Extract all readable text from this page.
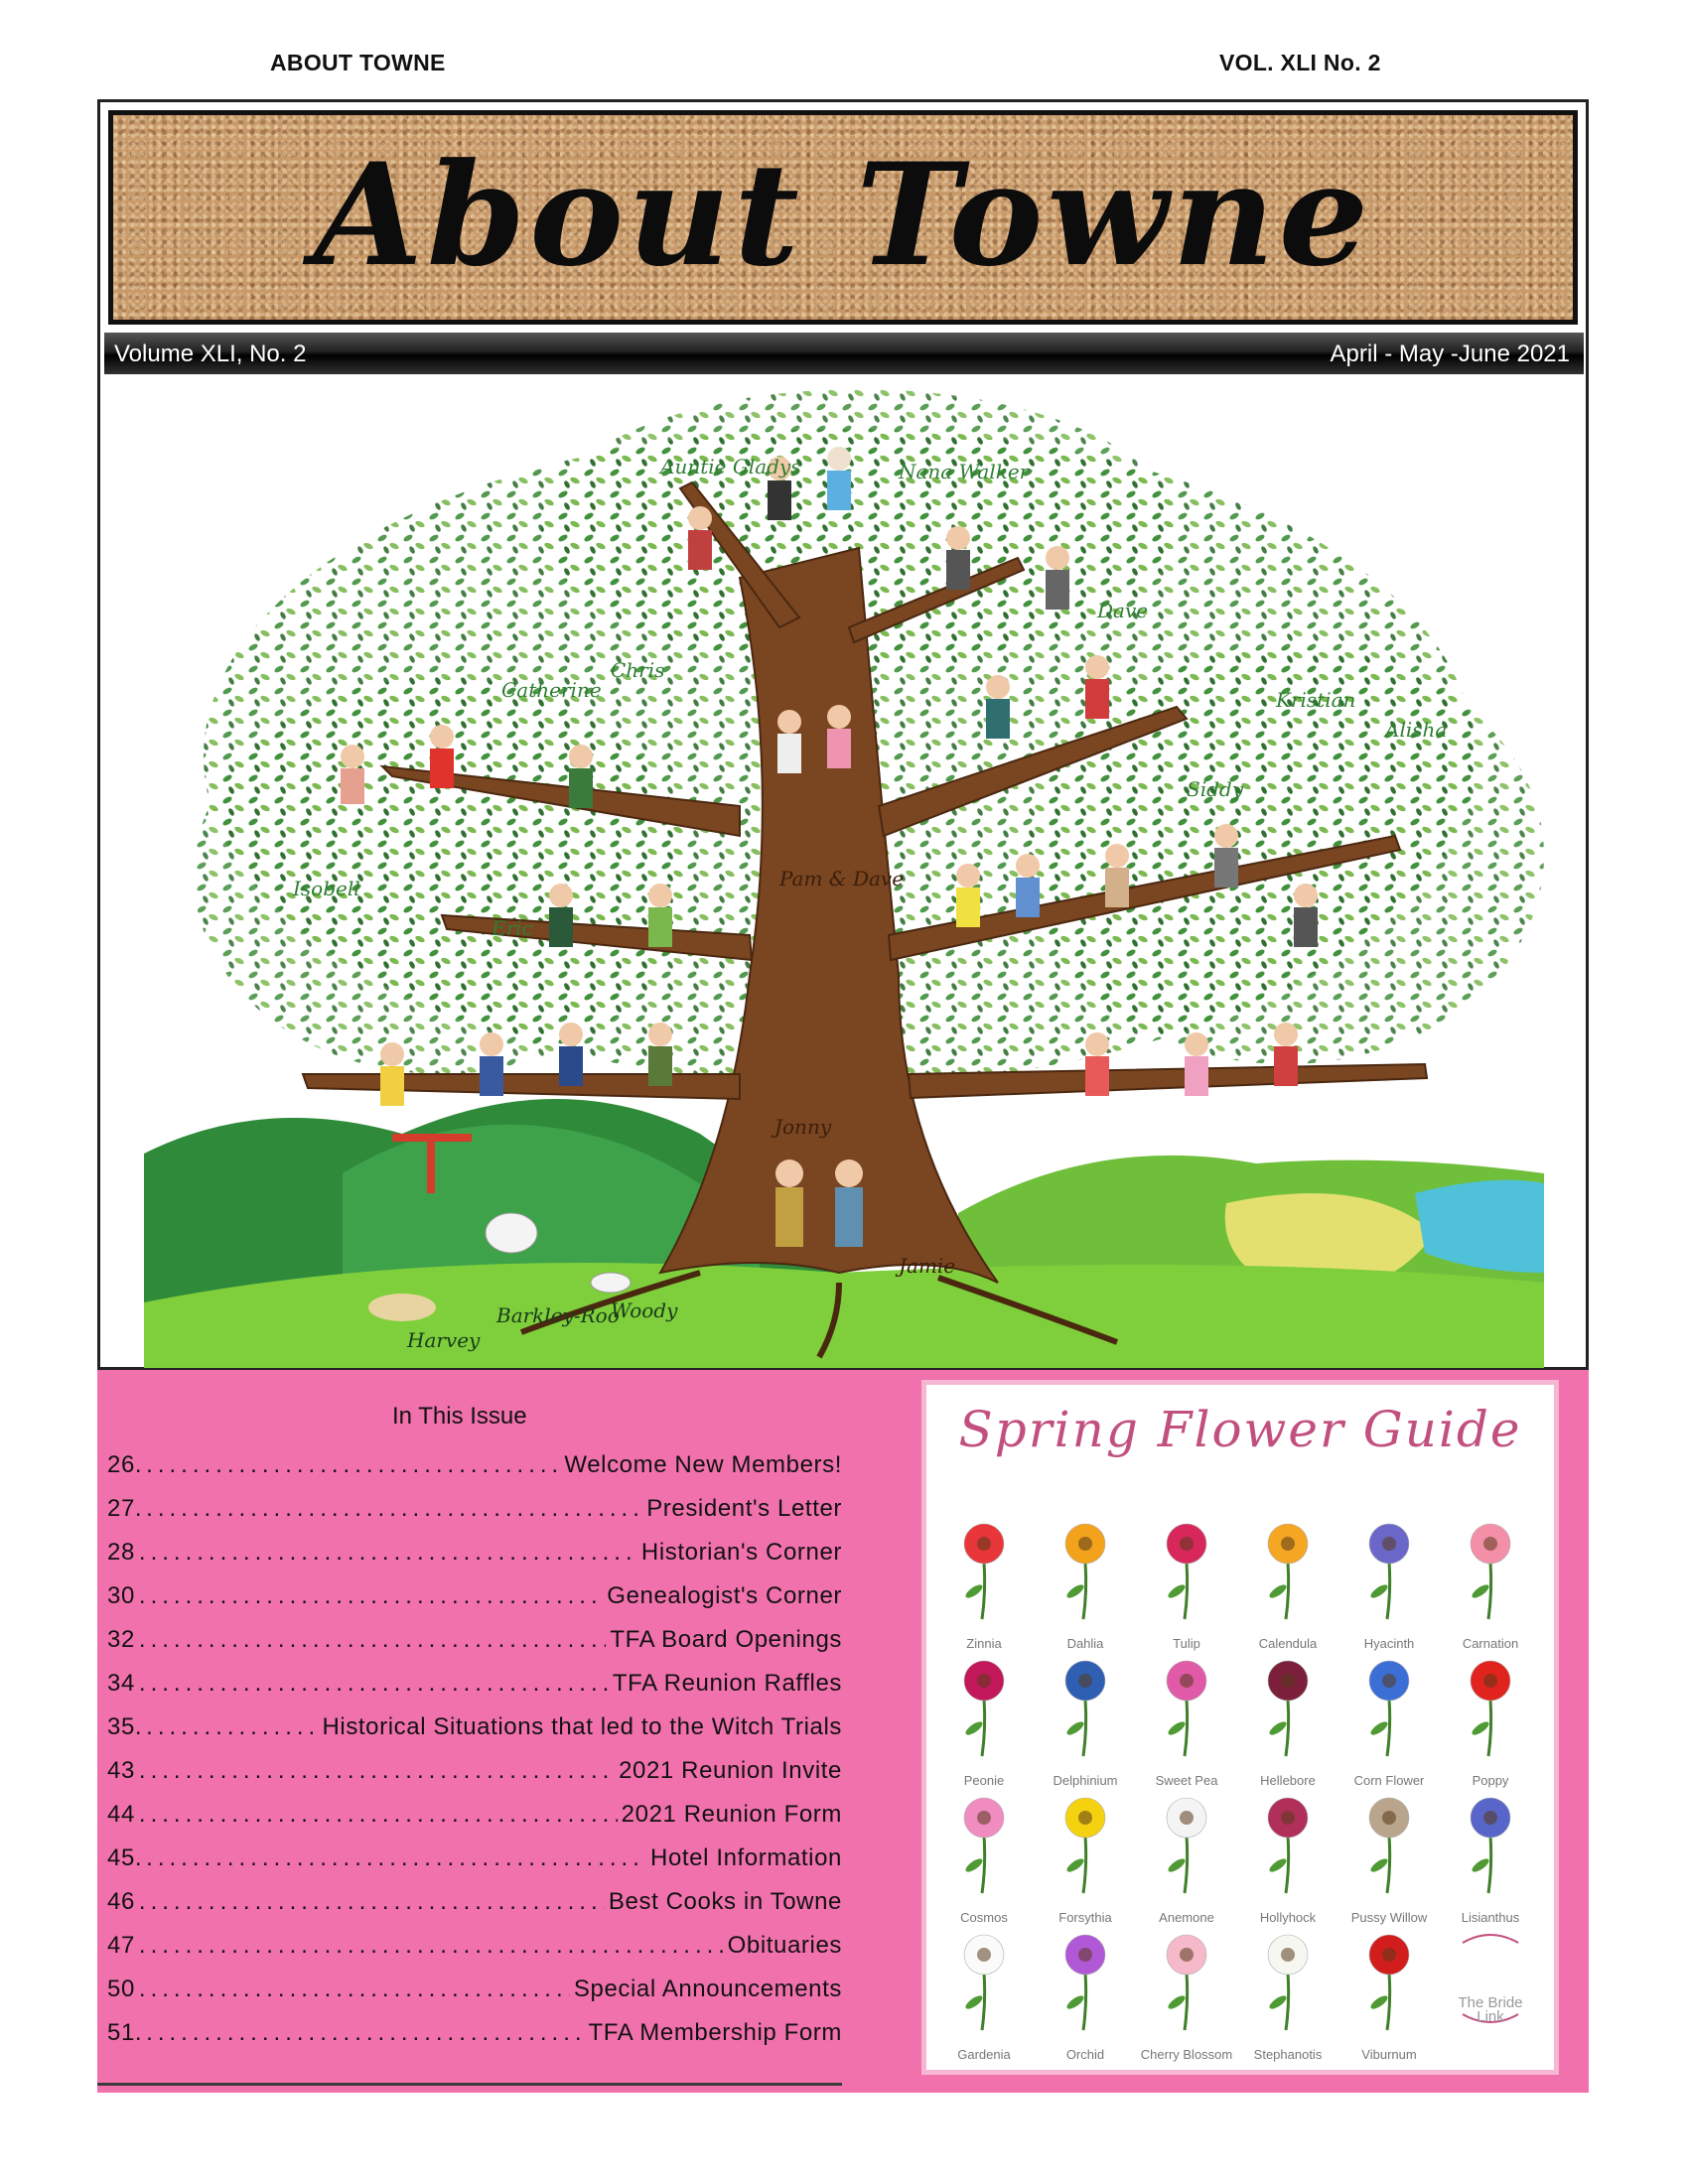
ABOUT TOWNE	VOL. XLI No. 2
About Towne
Volume XLI, No. 2	April - May -June 2021
Auntie Gladys	Nana Walker
Chris
Catherine
Dave
Kristian
Alisha
Siddy
Isobell
Eric
Pam & Dave
Jonny
Jamie
Harvey
Barkley-Roo
Woody
In This Issue
26. .....	Welcome New Members!
27. .....	President's Letter
28 .....	Historian's Corner
30 .....	Genealogist's Corner
32 .....	TFA Board Openings
34 .....	TFA Reunion Raffles
35. .....	Historical Situations that led to the Witch Trials
43 .....	2021 Reunion Invite
44 .....	2021 Reunion Form
45. .....	Hotel Information
46 .....	Best Cooks in Towne
47 .....	Obituaries
50 .....	Special Announcements
51. .....	TFA Membership Form
Spring Flower Guide
Zinnia	Dahlia	Tulip	Calendula	Hyacinth	Carnation
Peonie	Delphinium	Sweet Pea	Hellebore	Corn Flower	Poppy
Cosmos	Forsythia	Anemone	Hollyhock	Pussy Willow	Lisianthus
Gardenia	Orchid	Cherry Blossom	Stephanotis	Viburnum
The Bride Link
